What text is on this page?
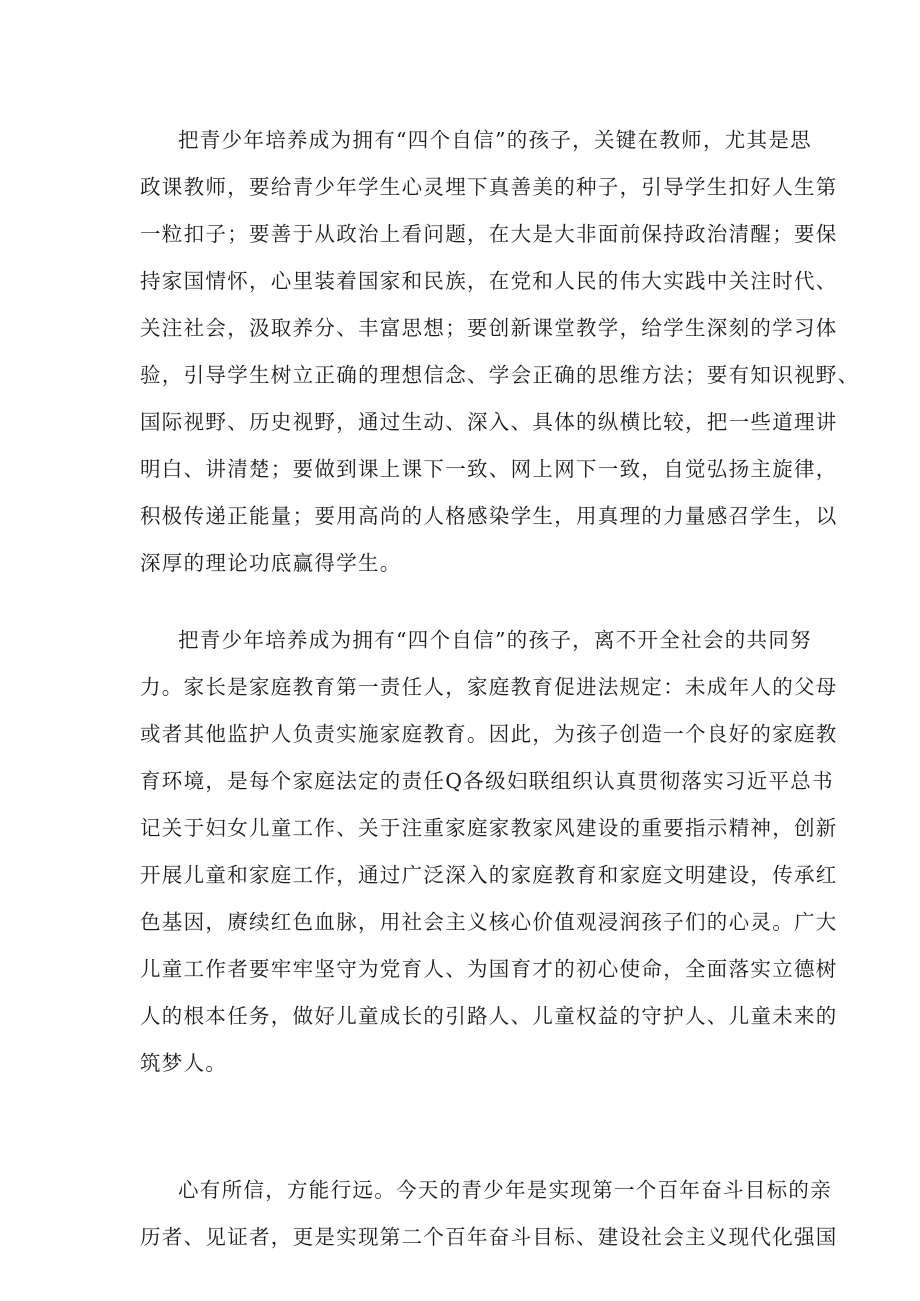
把青少年培养成为拥有“四个自信”的孩子，关键在教师，尤其是思
政课教师，要给青少年学生心灵埋下真善美的种子，引导学生扣好人生第
一粒扣子；要善于从政治上看问题，在大是大非面前保持政治清醒；要保
持家国情怀，心里装着国家和民族，在党和人民的伟大实践中关注时代、
关注社会，汲取养分、丰富思想；要创新课堂教学，给学生深刻的学习体
验，引导学生树立正确的理想信念、学会正确的思维方法；要有知识视野、
国际视野、历史视野，通过生动、深入、具体的纵横比较，把一些道理讲
明白、讲清楚；要做到课上课下一致、网上网下一致，自觉弘扬主旋律，
积极传递正能量；要用高尚的人格感染学生，用真理的力量感召学生，以
深厚的理论功底赢得学生。
把青少年培养成为拥有“四个自信”的孩子，离不开全社会的共同努
力。家长是家庭教育第一责任人，家庭教育促进法规定：未成年人的父母
或者其他监护人负责实施家庭教育。因此，为孩子创造一个良好的家庭教
育环境，是每个家庭法定的责任Q各级妇联组织认真贯彻落实习近平总书
记关于妇女儿童工作、关于注重家庭家教家风建设的重要指示精神，创新
开展儿童和家庭工作，通过广泛深入的家庭教育和家庭文明建设，传承红
色基因，赓续红色血脉，用社会主义核心价值观浸润孩子们的心灵。广大
儿童工作者要牢牢坚守为党育人、为国育才的初心使命，全面落实立德树
人的根本任务，做好儿童成长的引路人、儿童权益的守护人、儿童未来的
筑梦人。
心有所信，方能行远。今天的青少年是实现第一个百年奋斗目标的亲
历者、见证者，更是实现第二个百年奋斗目标、建设社会主义现代化强国
